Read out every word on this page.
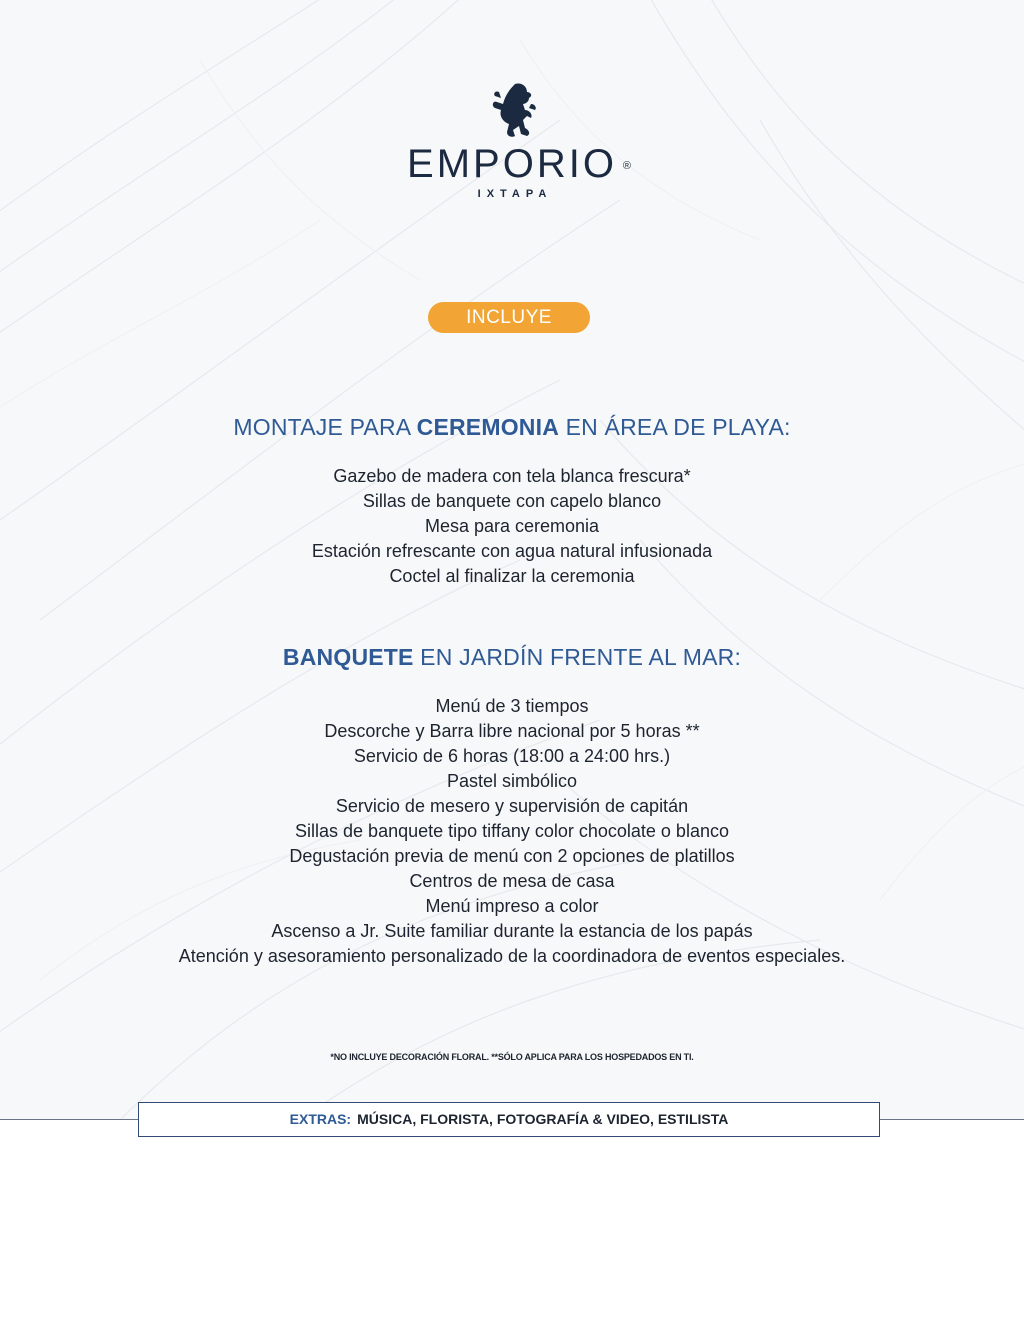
EMPORIO ®
IXTAPA
INCLUYE
MONTAJE PARA CEREMONIA EN ÁREA DE PLAYA:
Gazebo de madera con tela blanca frescura*
Sillas de banquete con capelo blanco
Mesa para ceremonia
Estación refrescante con agua natural infusionada
Coctel al finalizar la ceremonia
BANQUETE EN JARDÍN FRENTE AL MAR:
Menú de 3 tiempos
Descorche y Barra libre nacional por 5 horas **
Servicio de 6 horas (18:00 a 24:00 hrs.)
Pastel simbólico
Servicio de mesero y supervisión de capitán
Sillas de banquete tipo tiffany color chocolate o blanco
Degustación previa de menú con 2 opciones de platillos
Centros de mesa de casa
Menú impreso a color
Ascenso a Jr. Suite familiar durante la estancia de los papás
Atención y asesoramiento personalizado de la coordinadora de eventos especiales.
*NO INCLUYE DECORACIÓN FLORAL. **SÓLO APLICA PARA LOS HOSPEDADOS EN TI.
EXTRAS: MÚSICA, FLORISTA, FOTOGRAFÍA & VIDEO, ESTILISTA
